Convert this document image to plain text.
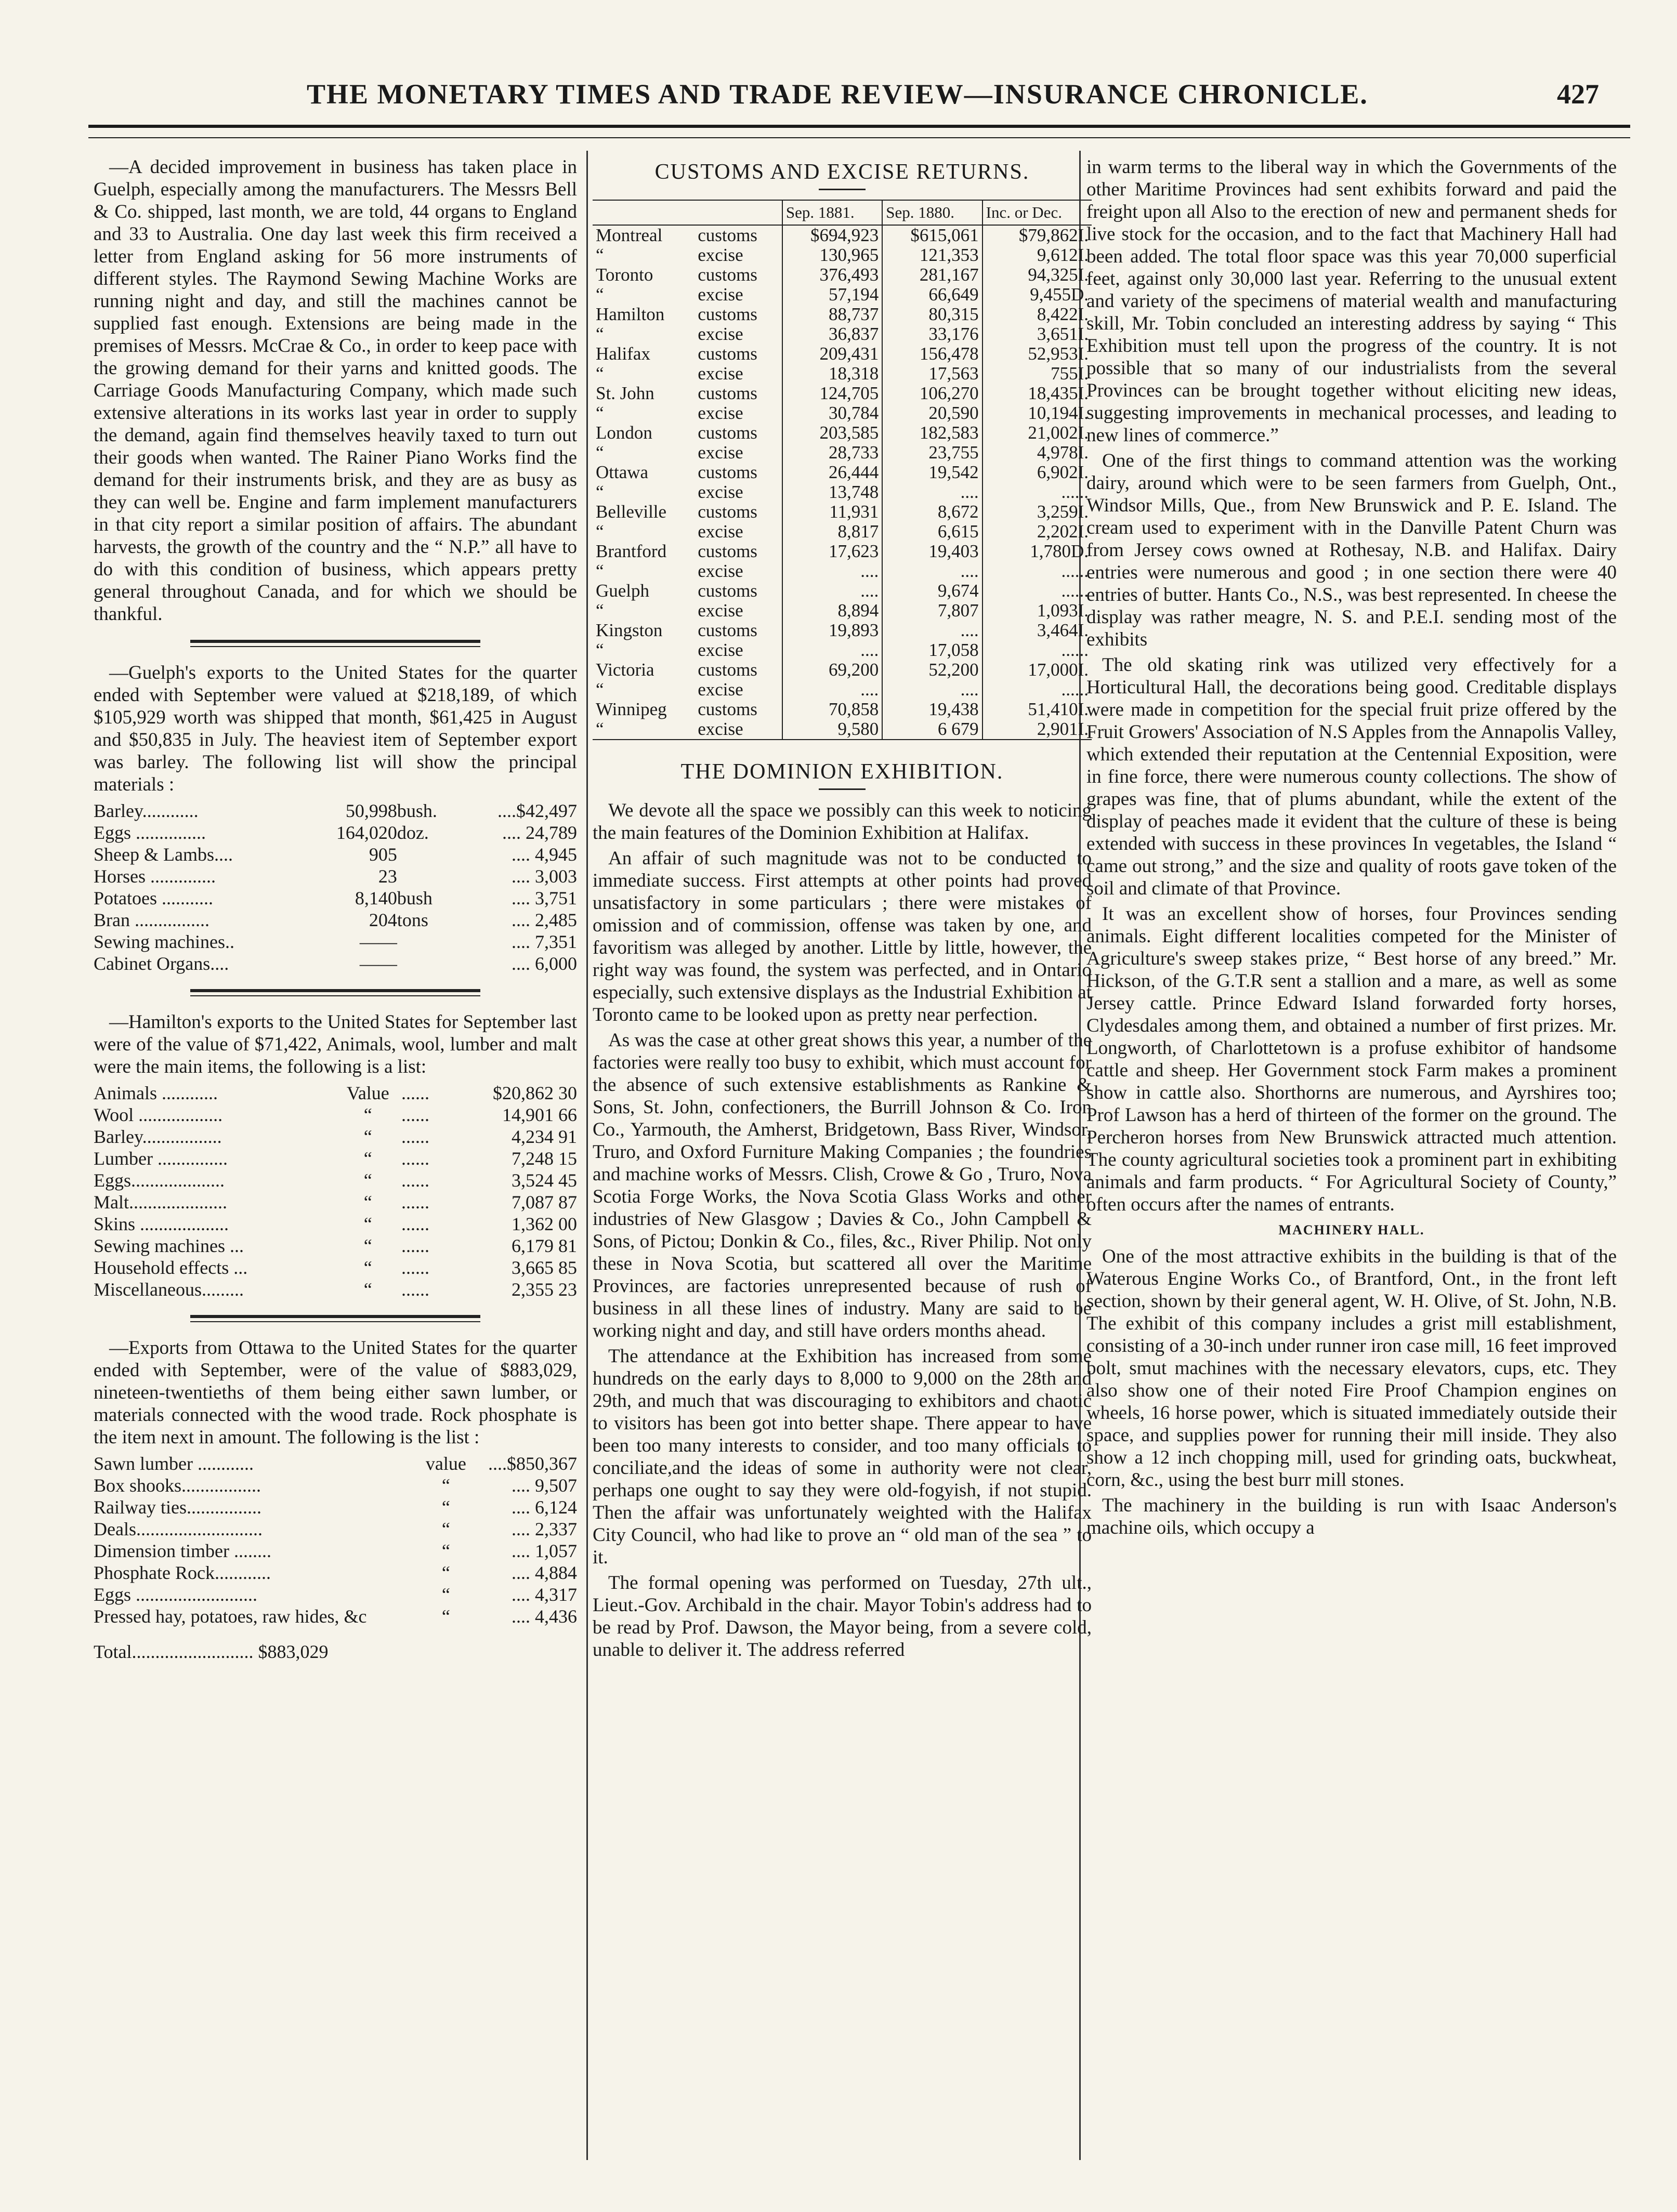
THE MONETARY TIMES AND TRADE REVIEW—INSURANCE CHRONICLE.	427

—A decided improvement in business has taken place in Guelph, especially among the manufacturers. The Messrs Bell & Co. shipped, last month, we are told, 44 organs to England and 33 to Australia. One day last week this firm received a letter from England asking for 56 more instruments of different styles. The Raymond Sewing Machine Works are running night and day, and still the machines cannot be supplied fast enough. Extensions are being made in the premises of Messrs. McCrae & Co., in order to keep pace with the growing demand for their yarns and knitted goods. The Carriage Goods Manufacturing Company, which made such extensive alterations in its works last year in order to supply the demand, again find themselves heavily taxed to turn out their goods when wanted. The Rainer Piano Works find the demand for their instruments brisk, and they are as busy as they can well be. Engine and farm implement manufacturers in that city report a similar position of affairs. The abundant harvests, the growth of the country and the “ N.P.” all have to do with this condition of business, which appears pretty general throughout Canada, and for which we should be thankful.

—Guelph's exports to the United States for the quarter ended with September were valued at $218,189, of which $105,929 worth was shipped that month, $61,425 in August and $50,835 in July. The heaviest item of September export was barley. The following list will show the principal materials :

Barley............	50,998	bush.	....$42,497
Eggs ...............	164,020	doz.	.... 24,789
Sheep & Lambs....	905		.... 4,945
Horses ..............	23		.... 3,003
Potatoes ...........	8,140	bush	.... 3,751
Bran ................	204	tons	.... 2,485
Sewing machines..	——		.... 7,351
Cabinet Organs....	——		.... 6,000

—Hamilton's exports to the United States for September last were of the value of $71,422, Animals, wool, lumber and malt were the main items, the following is a list:

Animals ............	Value	......	$20,862 30
Wool ..................	“	......	14,901 66
Barley.................	“	......	4,234 91
Lumber ...............	“	......	7,248 15
Eggs....................	“	......	3,524 45
Malt.....................	“	......	7,087 87
Skins ...................	“	......	1,362 00
Sewing machines ...	“	......	6,179 81
Household effects ...	“	......	3,665 85
Miscellaneous.........	“	......	2,355 23

—Exports from Ottawa to the United States for the quarter ended with September, were of the value of $883,029, nineteen-twentieths of them being either sawn lumber, or materials connected with the wood trade. Rock phosphate is the item next in amount. The following is the list :

Sawn lumber ............	value	....$850,367
Box shooks.................	“	.... 9,507
Railway ties................	“	.... 6,124
Deals...........................	“	.... 2,337
Dimension timber ........	“	.... 1,057
Phosphate Rock............	“	.... 4,884
Eggs ..........................	“	.... 4,317
Pressed hay, potatoes, raw hides, &c	“	.... 4,436
Total.......................... $883,029
CUSTOMS AND EXCISE RETURNS.
		Sep. 1881.	Sep. 1880.	Inc. or Dec.
Montreal	customs	$694,923	$615,061	$79,862I.
“	excise	130,965	121,353	9,612I.
Toronto	customs	376,493	281,167	94,325I.
“	excise	57,194	66,649	9,455D.
Hamilton	customs	88,737	80,315	8,422I.
“	excise	36,837	33,176	3,651I.
Halifax	customs	209,431	156,478	52,953I.
“	excise	18,318	17,563	755I.
St. John	customs	124,705	106,270	18,435I.
“	excise	30,784	20,590	10,194I.
London	customs	203,585	182,583	21,002I.
“	excise	28,733	23,755	4,978I.
Ottawa	customs	26,444	19,542	6,902I.
“	excise	13,748	....	......
Belleville	customs	11,931	8,672	3,259I.
“	excise	8,817	6,615	2,202I.
Brantford	customs	17,623	19,403	1,780D.
“	excise	....	....	......
Guelph	customs	....	9,674	......
“	excise	8,894	7,807	1,093I.
Kingston	customs	19,893	....	3,464I.
“	excise	....	17,058	......
Victoria	customs	69,200	52,200	17,000I.
“	excise	....	....	......
Winnipeg	customs	70,858	19,438	51,410I.
“	excise	9,580	6 679	2,901I.
THE DOMINION EXHIBITION.

We devote all the space we possibly can this week to noticing the main features of the Dominion Exhibition at Halifax.

An affair of such magnitude was not to be conducted to immediate success. First attempts at other points had proved unsatisfactory in some particulars ; there were mistakes of omission and of commission, offense was taken by one, and favoritism was alleged by another. Little by little, however, the right way was found, the system was perfected, and in Ontario especially, such extensive displays as the Industrial Exhibition at Toronto came to be looked upon as pretty near perfection.

As was the case at other great shows this year, a number of the factories were really too busy to exhibit, which must account for the absence of such extensive establishments as Rankine & Sons, St. John, confectioners, the Burrill Johnson & Co. Iron Co., Yarmouth, the Amherst, Bridgetown, Bass River, Windsor, Truro, and Oxford Furniture Making Companies ; the foundries and machine works of Messrs. Clish, Crowe & Go , Truro, Nova Scotia Forge Works, the Nova Scotia Glass Works and other industries of New Glasgow ; Davies & Co., John Campbell & Sons, of Pictou; Donkin & Co., files, &c., River Philip. Not only these in Nova Scotia, but scattered all over the Maritime Provinces, are factories unrepresented because of rush of business in all these lines of industry. Many are said to be working night and day, and still have orders months ahead.

The attendance at the Exhibition has increased from some hundreds on the early days to 8,000 to 9,000 on the 28th and 29th, and much that was discouraging to exhibitors and chaotic to visitors has been got into better shape. There appear to have been too many interests to consider, and too many officials to conciliate,and the ideas of some in authority were not clear, perhaps one ought to say they were old-fogyish, if not stupid. Then the affair was unfortunately weighted with the Halifax City Council, who had like to prove an “ old man of the sea ” to it.

The formal opening was performed on Tuesday, 27th ult., Lieut.-Gov. Archibald in the chair. Mayor Tobin's address had to be read by Prof. Dawson, the Mayor being, from a severe cold, unable to deliver it. The address referred

in warm terms to the liberal way in which the Governments of the other Maritime Provinces had sent exhibits forward and paid the freight upon all Also to the erection of new and permanent sheds for live stock for the occasion, and to the fact that Machinery Hall had been added. The total floor space was this year 70,000 superficial feet, against only 30,000 last year. Referring to the unusual extent and variety of the specimens of material wealth and manufacturing skill, Mr. Tobin concluded an interesting address by saying “ This Exhibition must tell upon the progress of the country. It is not possible that so many of our industrialists from the several Provinces can be brought together without eliciting new ideas, suggesting improvements in mechanical processes, and leading to new lines of commerce.”

One of the first things to command attention was the working dairy, around which were to be seen farmers from Guelph, Ont., Windsor Mills, Que., from New Brunswick and P. E. Island. The cream used to experiment with in the Danville Patent Churn was from Jersey cows owned at Rothesay, N.B. and Halifax. Dairy entries were numerous and good ; in one section there were 40 entries of butter. Hants Co., N.S., was best represented. In cheese the display was rather meagre, N. S. and P.E.I. sending most of the exhibits

The old skating rink was utilized very effectively for a Horticultural Hall, the decorations being good. Creditable displays were made in competition for the special fruit prize offered by the Fruit Growers' Association of N.S Apples from the Annapolis Valley, which extended their reputation at the Centennial Exposition, were in fine force, there were numerous county collections. The show of grapes was fine, that of plums abundant, while the extent of the display of peaches made it evident that the culture of these is being extended with success in these provinces In vegetables, the Island “ came out strong,” and the size and quality of roots gave token of the soil and climate of that Province.

It was an excellent show of horses, four Provinces sending animals. Eight different localities competed for the Minister of Agriculture's sweep stakes prize, “ Best horse of any breed.” Mr. Hickson, of the G.T.R sent a stallion and a mare, as well as some Jersey cattle. Prince Edward Island forwarded forty horses, Clydesdales among them, and obtained a number of first prizes. Mr. Longworth, of Charlottetown is a profuse exhibitor of handsome cattle and sheep. Her Government stock Farm makes a prominent show in cattle also. Shorthorns are numerous, and Ayrshires too; Prof Lawson has a herd of thirteen of the former on the ground. The Percheron horses from New Brunswick attracted much attention. The county agricultural societies took a prominent part in exhibiting animals and farm products. “ For Agricultural Society of County,” often occurs after the names of entrants.

MACHINERY HALL.

One of the most attractive exhibits in the building is that of the Waterous Engine Works Co., of Brantford, Ont., in the front left section, shown by their general agent, W. H. Olive, of St. John, N.B. The exhibit of this company includes a grist mill establishment, consisting of a 30-inch under runner iron case mill, 16 feet improved bolt, smut machines with the necessary elevators, cups, etc. They also show one of their noted Fire Proof Champion engines on wheels, 16 horse power, which is situated immediately outside their space, and supplies power for running their mill inside. They also show a 12 inch chopping mill, used for grinding oats, buckwheat, corn, &c., using the best burr mill stones.

The machinery in the building is run with Isaac Anderson's machine oils, which occupy a
